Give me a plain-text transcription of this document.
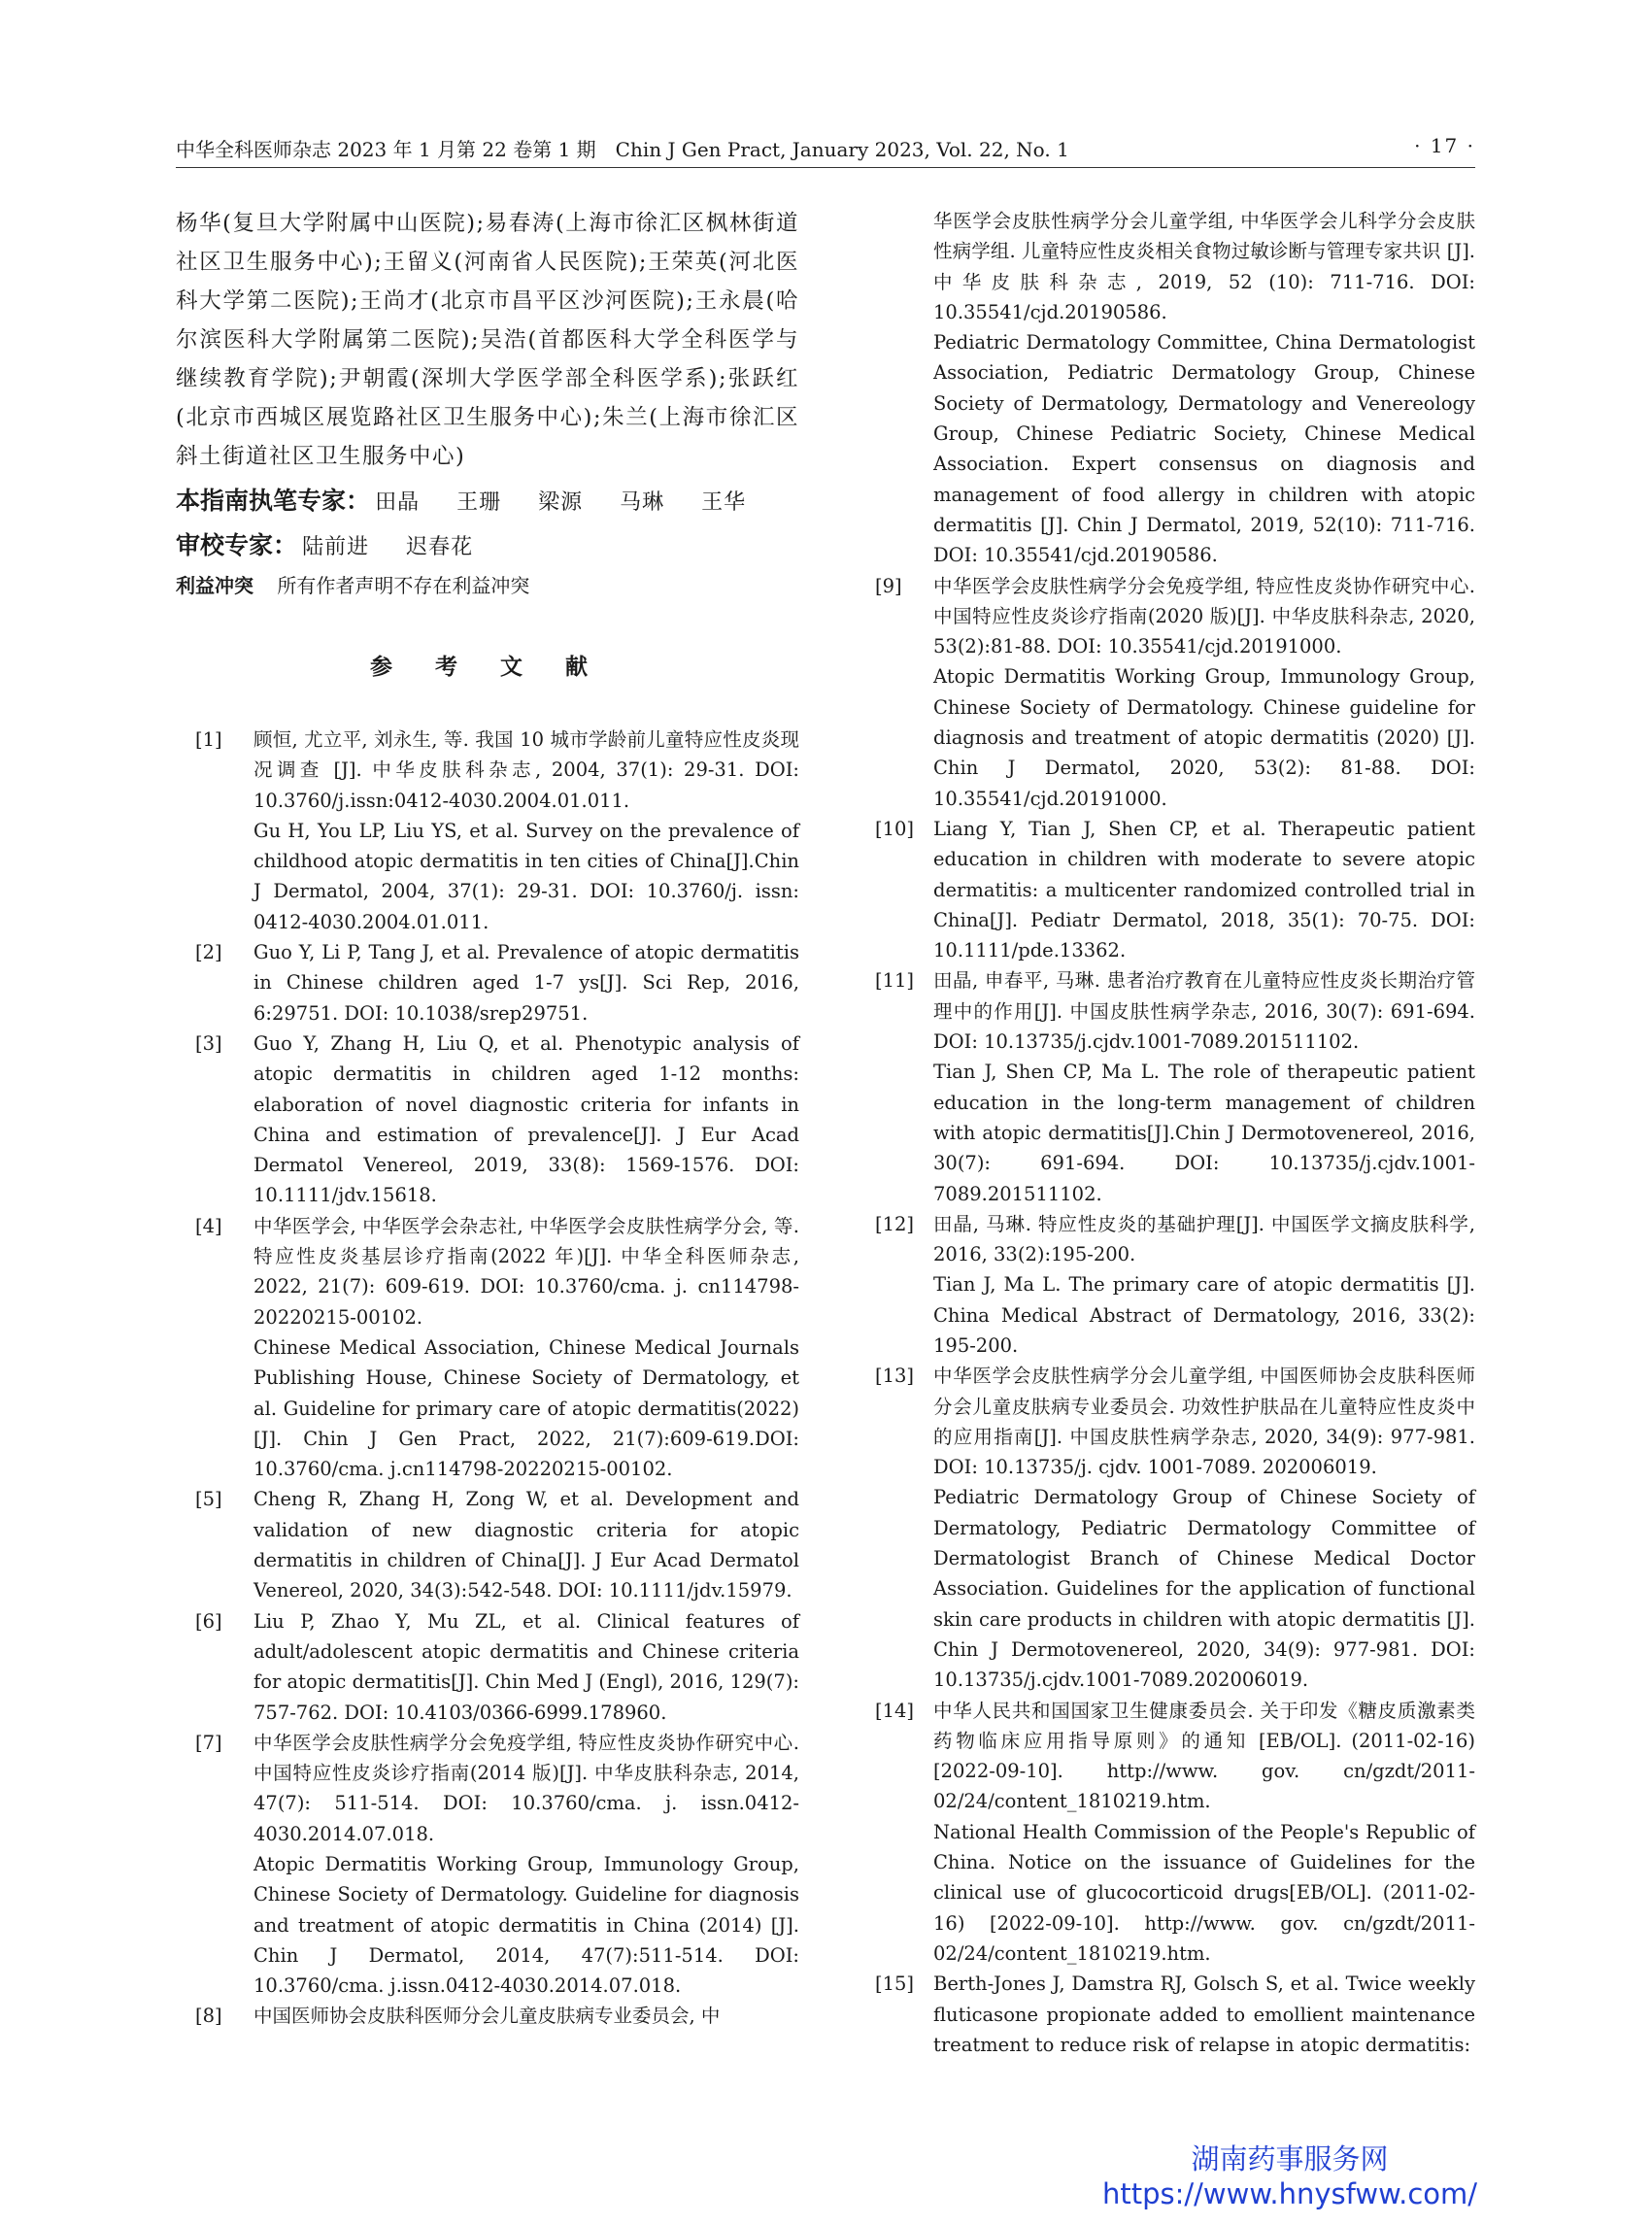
中华全科医师杂志 2023 年 1 月第 22 卷第 1 期　Chin J Gen Pract, January 2023, Vol. 22, No. 1	· 17 ·
杨华(复旦大学附属中山医院);易春涛(上海市徐汇区枫林街道社区卫生服务中心);王留义(河南省人民医院);王荣英(河北医科大学第二医院);王尚才(北京市昌平区沙河医院);王永晨(哈尔滨医科大学附属第二医院);吴浩(首都医科大学全科医学与继续教育学院);尹朝霞(深圳大学医学部全科医学系);张跃红(北京市西城区展览路社区卫生服务中心);朱兰(上海市徐汇区斜土街道社区卫生服务中心)
本指南执笔专家： 田晶 王珊 梁源 马琳 王华
审校专家： 陆前进 迟春花
利益冲突 所有作者声明不存在利益冲突
参 考 文 献
[1] 顾恒, 尤立平, 刘永生, 等. 我国 10 城市学龄前儿童特应性皮炎现况调查 [J]. 中华皮肤科杂志, 2004, 37(1): 29-31. DOI: 10.3760/j.issn:0412-4030.2004.01.011.

Gu H, You LP, Liu YS, et al. Survey on the prevalence of childhood atopic dermatitis in ten cities of China[J].Chin J Dermatol, 2004, 37(1): 29-31. DOI: 10.3760/j. issn: 0412-4030.2004.01.011.

[2] Guo Y, Li P, Tang J, et al. Prevalence of atopic dermatitis in Chinese children aged 1-7 ys[J]. Sci Rep, 2016, 6:29751. DOI: 10.1038/srep29751.

[3] Guo Y, Zhang H, Liu Q, et al. Phenotypic analysis of atopic dermatitis in children aged 1-12 months: elaboration of novel diagnostic criteria for infants in China and estimation of prevalence[J]. J Eur Acad Dermatol Venereol, 2019, 33(8): 1569-1576. DOI: 10.1111/jdv.15618.

[4] 中华医学会, 中华医学会杂志社, 中华医学会皮肤性病学分会, 等. 特应性皮炎基层诊疗指南(2022 年)[J]. 中华全科医师杂志, 2022, 21(7): 609-619. DOI: 10.3760/cma. j. cn114798-20220215-00102.

Chinese Medical Association, Chinese Medical Journals Publishing House, Chinese Society of Dermatology, et al. Guideline for primary care of atopic dermatitis(2022)[J]. Chin J Gen Pract, 2022, 21(7):609-619.DOI: 10.3760/cma. j.cn114798-20220215-00102.

[5] Cheng R, Zhang H, Zong W, et al. Development and validation of new diagnostic criteria for atopic dermatitis in children of China[J]. J Eur Acad Dermatol Venereol, 2020, 34(3):542-548. DOI: 10.1111/jdv.15979.

[6] Liu P, Zhao Y, Mu ZL, et al. Clinical features of adult/adolescent atopic dermatitis and Chinese criteria for atopic dermatitis[J]. Chin Med J (Engl), 2016, 129(7): 757-762. DOI: 10.4103/0366-6999.178960.

[7] 中华医学会皮肤性病学分会免疫学组, 特应性皮炎协作研究中心. 中国特应性皮炎诊疗指南(2014 版)[J]. 中华皮肤科杂志, 2014, 47(7): 511-514. DOI: 10.3760/cma. j. issn.0412-4030.2014.07.018.

Atopic Dermatitis Working Group, Immunology Group, Chinese Society of Dermatology. Guideline for diagnosis and treatment of atopic dermatitis in China (2014) [J]. Chin J Dermatol, 2014, 47(7):511-514. DOI: 10.3760/cma. j.issn.0412-4030.2014.07.018.

[8] 中国医师协会皮肤科医师分会儿童皮肤病专业委员会, 中

华医学会皮肤性病学分会儿童学组, 中华医学会儿科学分会皮肤性病学组. 儿童特应性皮炎相关食物过敏诊断与管理专家共识 [J]. 中华皮肤科杂志, 2019, 52 (10): 711-716. DOI: 10.35541/cjd.20190586.

Pediatric Dermatology Committee, China Dermatologist Association, Pediatric Dermatology Group, Chinese Society of Dermatology, Dermatology and Venereology Group, Chinese Pediatric Society, Chinese Medical Association. Expert consensus on diagnosis and management of food allergy in children with atopic dermatitis [J]. Chin J Dermatol, 2019, 52(10): 711-716. DOI: 10.35541/cjd.20190586.

[9] 中华医学会皮肤性病学分会免疫学组, 特应性皮炎协作研究中心. 中国特应性皮炎诊疗指南(2020 版)[J]. 中华皮肤科杂志, 2020, 53(2):81-88. DOI: 10.35541/cjd.20191000.

Atopic Dermatitis Working Group, Immunology Group, Chinese Society of Dermatology. Chinese guideline for diagnosis and treatment of atopic dermatitis (2020) [J]. Chin J Dermatol, 2020, 53(2): 81-88. DOI: 10.35541/cjd.20191000.

[10] Liang Y, Tian J, Shen CP, et al. Therapeutic patient education in children with moderate to severe atopic dermatitis: a multicenter randomized controlled trial in China[J]. Pediatr Dermatol, 2018, 35(1): 70-75. DOI: 10.1111/pde.13362.

[11] 田晶, 申春平, 马琳. 患者治疗教育在儿童特应性皮炎长期治疗管理中的作用[J]. 中国皮肤性病学杂志, 2016, 30(7): 691-694. DOI: 10.13735/j.cjdv.1001-7089.201511102.

Tian J, Shen CP, Ma L. The role of therapeutic patient education in the long-term management of children with atopic dermatitis[J].Chin J Dermotovenereol, 2016, 30(7): 691-694. DOI: 10.13735/j.cjdv.1001-7089.201511102.

[12] 田晶, 马琳. 特应性皮炎的基础护理[J]. 中国医学文摘皮肤科学, 2016, 33(2):195-200.

Tian J, Ma L. The primary care of atopic dermatitis [J]. China Medical Abstract of Dermatology, 2016, 33(2): 195-200.

[13] 中华医学会皮肤性病学分会儿童学组, 中国医师协会皮肤科医师分会儿童皮肤病专业委员会. 功效性护肤品在儿童特应性皮炎中的应用指南[J]. 中国皮肤性病学杂志, 2020, 34(9): 977-981. DOI: 10.13735/j. cjdv. 1001-7089. 202006019.

Pediatric Dermatology Group of Chinese Society of Dermatology, Pediatric Dermatology Committee of Dermatologist Branch of Chinese Medical Doctor Association. Guidelines for the application of functional skin care products in children with atopic dermatitis [J]. Chin J Dermotovenereol, 2020, 34(9): 977-981. DOI: 10.13735/j.cjdv.1001-7089.202006019.

[14] 中华人民共和国国家卫生健康委员会. 关于印发《糖皮质激素类药物临床应用指导原则》的通知 [EB/OL]. (2011-02-16) [2022-09-10]. http://www. gov. cn/gzdt/2011-02/24/content_1810219.htm.

National Health Commission of the People's Republic of China. Notice on the issuance of Guidelines for the clinical use of glucocorticoid drugs[EB/OL]. (2011-02-16) [2022-09-10]. http://www. gov. cn/gzdt/2011-02/24/content_1810219.htm.

[15] Berth-Jones J, Damstra RJ, Golsch S, et al. Twice weekly fluticasone propionate added to emollient maintenance treatment to reduce risk of relapse in atopic dermatitis:

湖南药事服务网
https://www.hnysfww.com/
